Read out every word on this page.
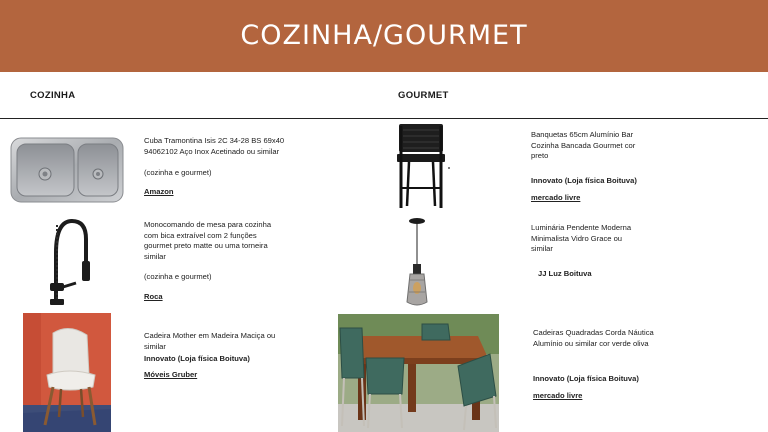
COZINHA/GOURMET
COZINHA	GOURMET
Cuba Tramontina Isis 2C 34-28 BS 69x40 94062102 Aço Inox Acetinado ou similar
(cozinha e gourmet)
Amazon
Monocomando de mesa para cozinha com bica extraível com 2 funções gourmet preto matte ou uma torneira similar
(cozinha e gourmet)
Roca
Cadeira Mother em Madeira Maciça ou similar
Innovato (Loja física Boituva)
Móveis Gruber
Banquetas 65cm Alumínio Bar Cozinha Bancada Gourmet cor preto
Innovato (Loja física Boituva)
mercado livre
Luminária Pendente Moderna Minimalista Vidro Grace ou similar
JJ Luz Boituva
Cadeiras Quadradas Corda Náutica Alumínio ou similar cor verde oliva
Innovato (Loja física Boituva)
mercado livre
